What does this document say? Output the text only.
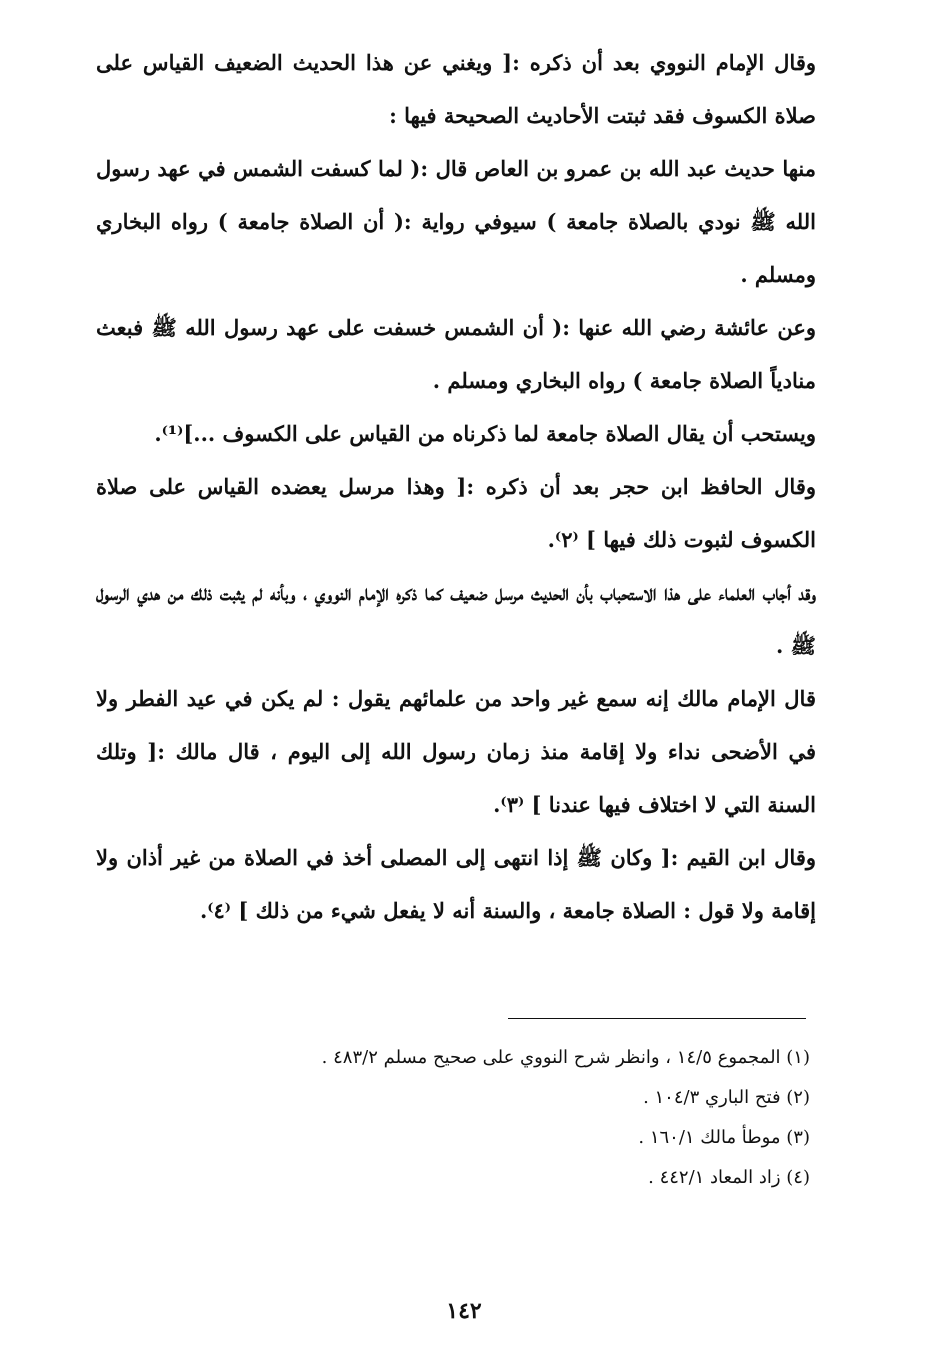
وقال الإمام النووي بعد أن ذكره :[ ويغني عن هذا الحديث الضعيف القياس على صلاة الكسوف فقد ثبتت الأحاديث الصحيحة فيها :

منها حديث عبد الله بن عمرو بن العاص قال :( لما كسفت الشمس في عهد رسول الله ﷺ نودي بالصلاة جامعة ) سيوفي رواية :( أن الصلاة جامعة ) رواه البخاري ومسلم .

وعن عائشة رضي الله عنها :( أن الشمس خسفت على عهد رسول الله ﷺ فبعث منادياً الصلاة جامعة ) رواه البخاري ومسلم .

ويستحب أن يقال الصلاة جامعة لما ذكرناه من القياس على الكسوف ...]⁽¹⁾.

وقال الحافظ ابن حجر بعد أن ذكره :[ وهذا مرسل يعضده القياس على صلاة الكسوف لثبوت ذلك فيها ] ⁽٢⁾.

وقد أجاب العلماء على هذا الاستحباب بأن الحديث مرسل ضعيف كما ذكره الإمام النووي ، وبأنه لم يثبت ذلك من هدي الرسول ﷺ .

قال الإمام مالك إنه سمع غير واحد من علمائهم يقول : لم يكن في عيد الفطر ولا في الأضحى نداء ولا إقامة منذ زمان رسول الله إلى اليوم ، قال مالك :[ وتلك السنة التي لا اختلاف فيها عندنا ] ⁽٣⁾.

وقال ابن القيم :[ وكان ﷺ إذا انتهى إلى المصلى أخذ في الصلاة من غير أذان ولا إقامة ولا قول : الصلاة جامعة ، والسنة أنه لا يفعل شيء من ذلك ] ⁽٤⁾.

(١) المجموع ١٤/٥ ، وانظر شرح النووي على صحيح مسلم ٤٨٣/٢ .

(٢) فتح الباري ١٠٤/٣ .

(٣) موطأ مالك ١٦٠/١ .

(٤) زاد المعاد ٤٤٢/١ .

١٤٢
